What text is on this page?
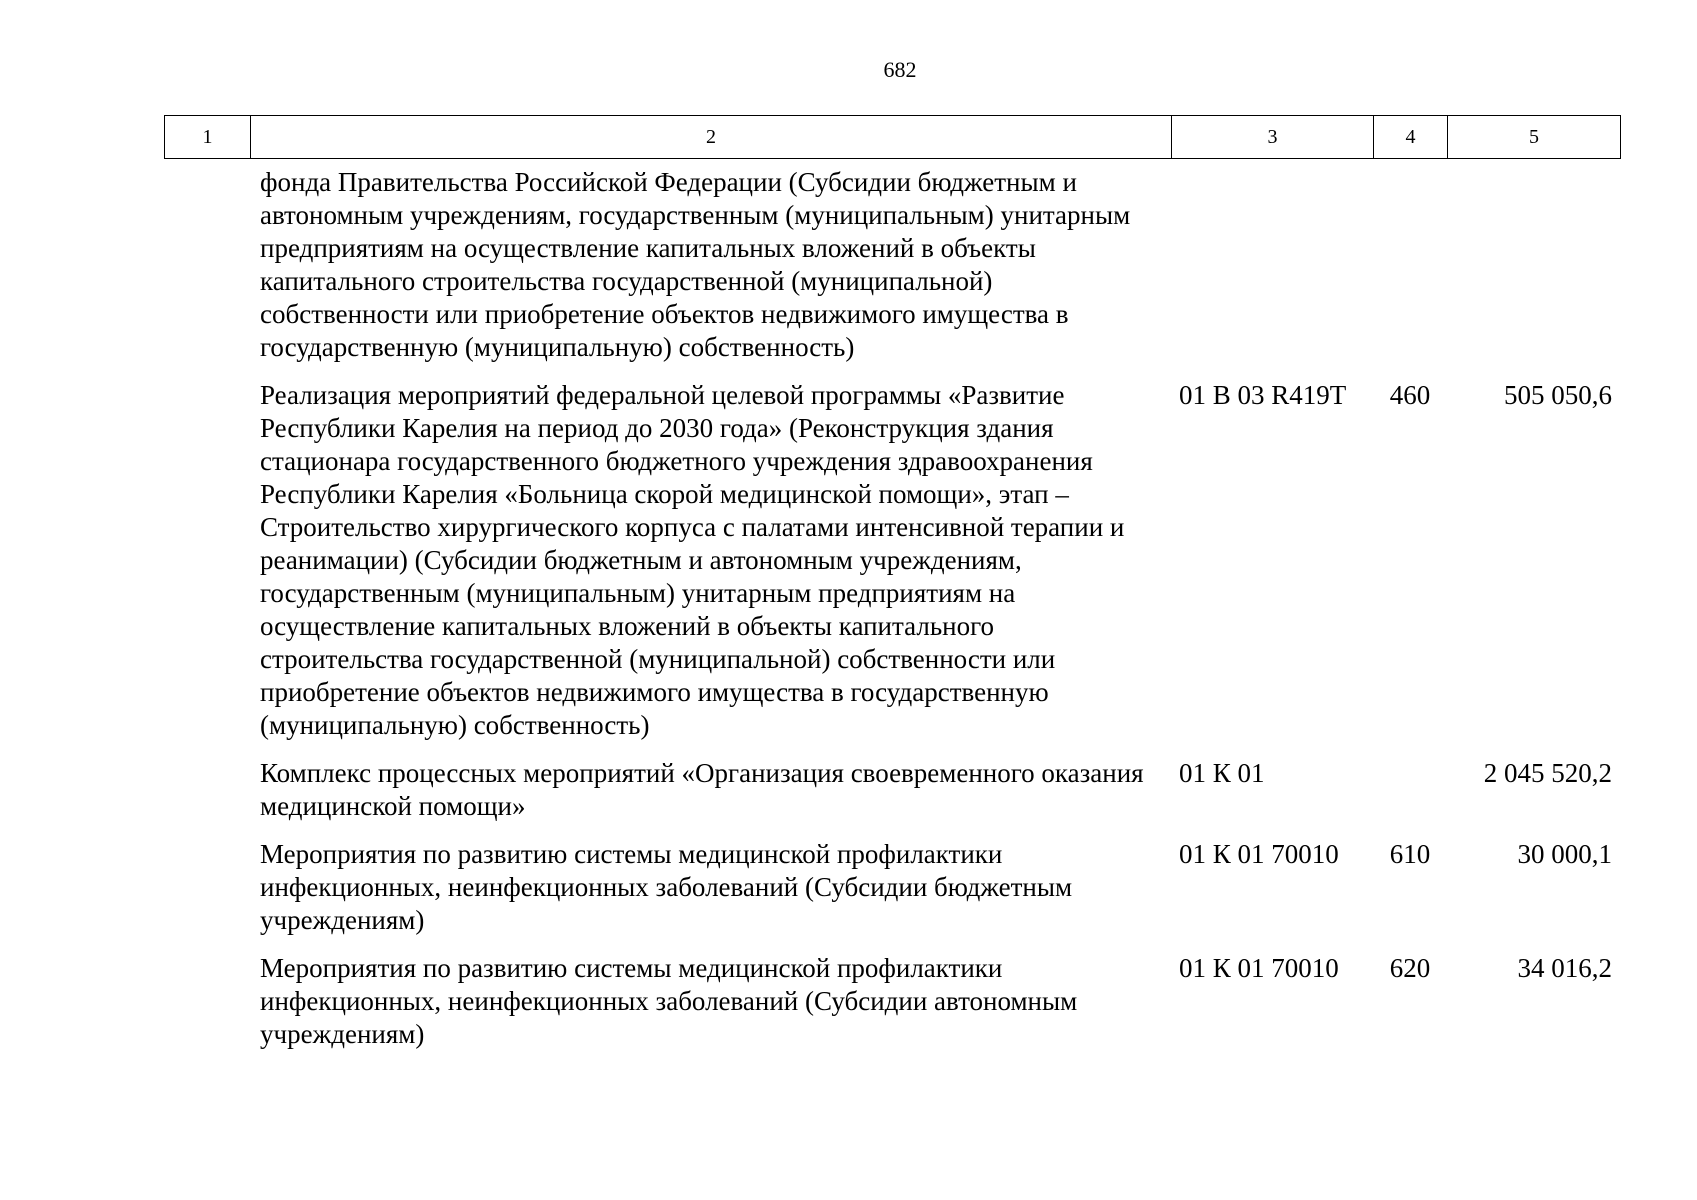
682
1	2	3	4	5
	фонда Правительства Российской Федерации (Субсидии бюджетным и автономным учреждениям, государственным (муниципальным) унитарным предприятиям на осуществление капитальных вложений в объекты капитального строительства государственной (муниципальной) собственности или приобретение объектов недвижимого имущества в государственную (муниципальную) собственность)			
	Реализация мероприятий федеральной целевой программы «Развитие Республики Карелия на период до 2030 года» (Реконструкция здания стационара государственного бюджетного учреждения здравоохранения Республики Карелия «Больница скорой медицинской помощи», этап – Строительство хирургического корпуса с палатами интенсивной терапии и реанимации) (Субсидии бюджетным и автономным учреждениям, государственным (муниципальным) унитарным предприятиям на осуществление капитальных вложений в объекты капитального строительства государственной (муниципальной) собственности или приобретение объектов недвижимого имущества в государственную (муниципальную) собственность)	01 В 03 R419T	460	505 050,6
	Комплекс процессных мероприятий «Организация своевременного оказания медицинской помощи»	01 К 01		2 045 520,2
	Мероприятия по развитию системы медицинской профилактики инфекционных, неинфекционных заболеваний (Субсидии бюджетным учреждениям)	01 К 01 70010	610	30 000,1
	Мероприятия по развитию системы медицинской профилактики инфекционных, неинфекционных заболеваний (Субсидии автономным учреждениям)	01 К 01 70010	620	34 016,2
